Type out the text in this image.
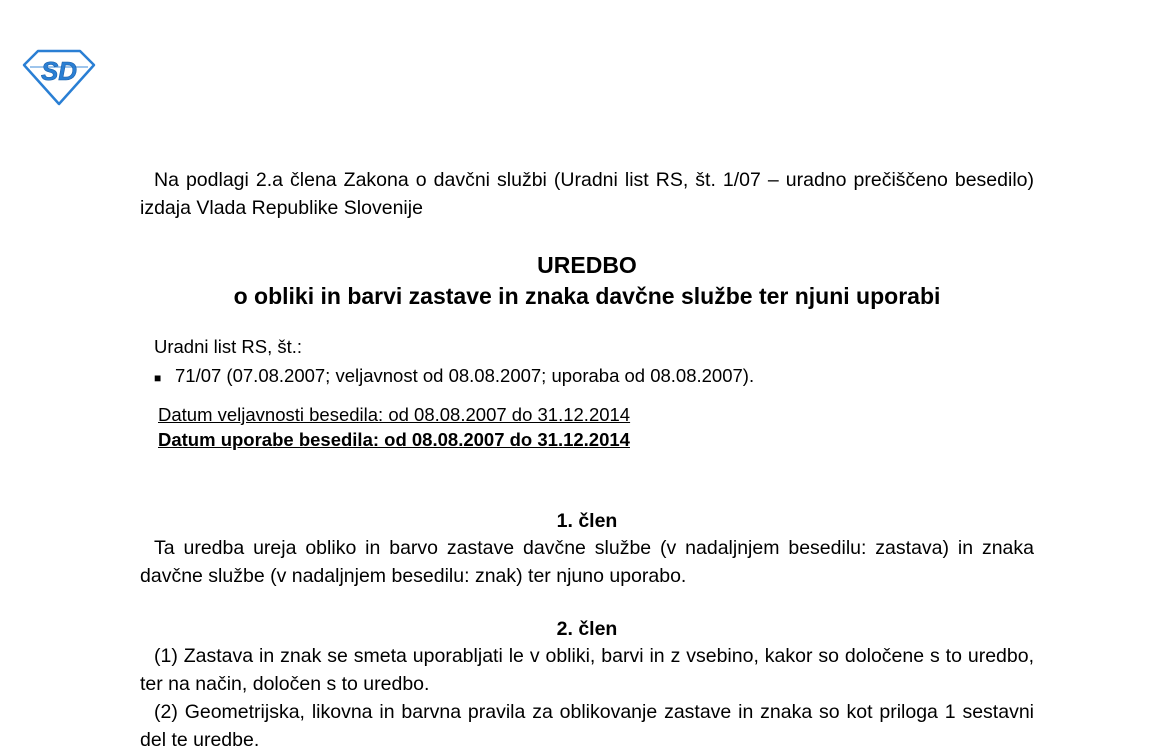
SD

Na podlagi 2.a člena Zakona o davčni službi (Uradni list RS, št. 1/07 – uradno prečiščeno besedilo) izdaja Vlada Republike Slovenije

UREDBO
o obliki in barvi zastave in znaka davčne službe ter njuni uporabi
Uradni list RS, št.:
■ 71/07 (07.08.2007; veljavnost od 08.08.2007; uporaba od 08.08.2007).
Datum veljavnosti besedila: od 08.08.2007 do 31.12.2014
Datum uporabe besedila: od 08.08.2007 do 31.12.2014
1. člen

Ta uredba ureja obliko in barvo zastave davčne službe (v nadaljnjem besedilu: zastava) in znaka davčne službe (v nadaljnjem besedilu: znak) ter njuno uporabo.

2. člen

(1) Zastava in znak se smeta uporabljati le v obliki, barvi in z vsebino, kakor so določene s to uredbo, ter na način, določen s to uredbo.

(2) Geometrijska, likovna in barvna pravila za oblikovanje zastave in znaka so kot priloga 1 sestavni del te uredbe.
